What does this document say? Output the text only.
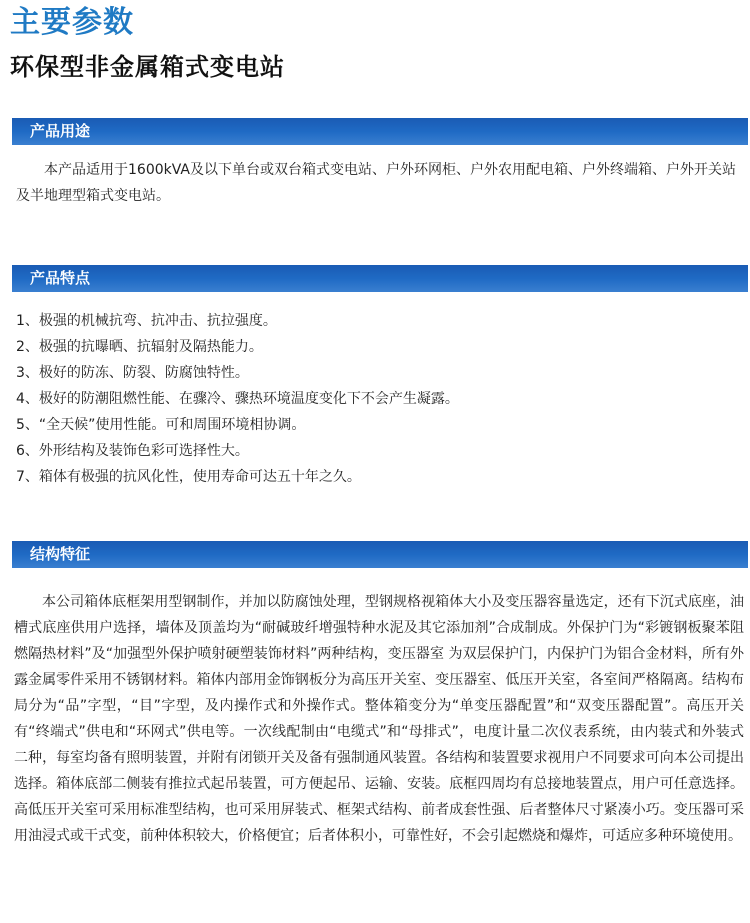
主要参数
环保型非金属箱式变电站
产品用途

本产品适用于1600kVA及以下单台或双台箱式变电站、户外环网柜、户外农用配电箱、户外终端箱、户外开关站及半地理型箱式变电站。

产品特点
1、极强的机械抗弯、抗冲击、抗拉强度。
2、极强的抗曝晒、抗辐射及隔热能力。
3、极好的防冻、防裂、防腐蚀特性。
4、极好的防潮阻燃性能、在骤冷、骤热环境温度变化下不会产生凝露。
5、“全天候”使用性能。可和周围环境相协调。
6、外形结构及装饰色彩可选择性大。
7、箱体有极强的抗风化性，使用寿命可达五十年之久。
结构特征

本公司箱体底框架用型钢制作，并加以防腐蚀处理，型钢规格视箱体大小及变压器容量选定，还有下沉式底座，油槽式底座供用户选择，墙体及顶盖均为“耐碱玻纤增强特种水泥及其它添加剂”合成制成。外保护门为“彩镀钢板聚苯阻燃隔热材料”及“加强型外保护喷射硬塑装饰材料”两种结构，变压器室 为双层保护门，内保护门为铝合金材料，所有外露金属零件采用不锈钢材料。箱体内部用金饰钢板分为高压开关室、变压器室、低压开关室，各室间严格隔离。结构布局分为“品”字型，“目”字型，及内操作式和外操作式。整体箱变分为“单变压器配置”和“双变压器配置”。高压开关有“终端式”供电和“环网式”供电等。一次线配制由“电缆式”和“母排式”，电度计量二次仪表系统，由内装式和外装式二种，每室均备有照明装置，并附有闭锁开关及备有强制通风装置。各结构和装置要求视用户不同要求可向本公司提出选择。箱体底部二侧装有推拉式起吊装置，可方便起吊、运输、安装。底框四周均有总接地装置点，用户可任意选择。高低压开关室可采用标准型结构，也可采用屏装式、框架式结构、前者成套性强、后者整体尺寸紧凑小巧。变压器可采用油浸式或干式变，前种体积较大，价格便宜；后者体积小，可靠性好，不会引起燃烧和爆炸，可适应多种环境使用。
